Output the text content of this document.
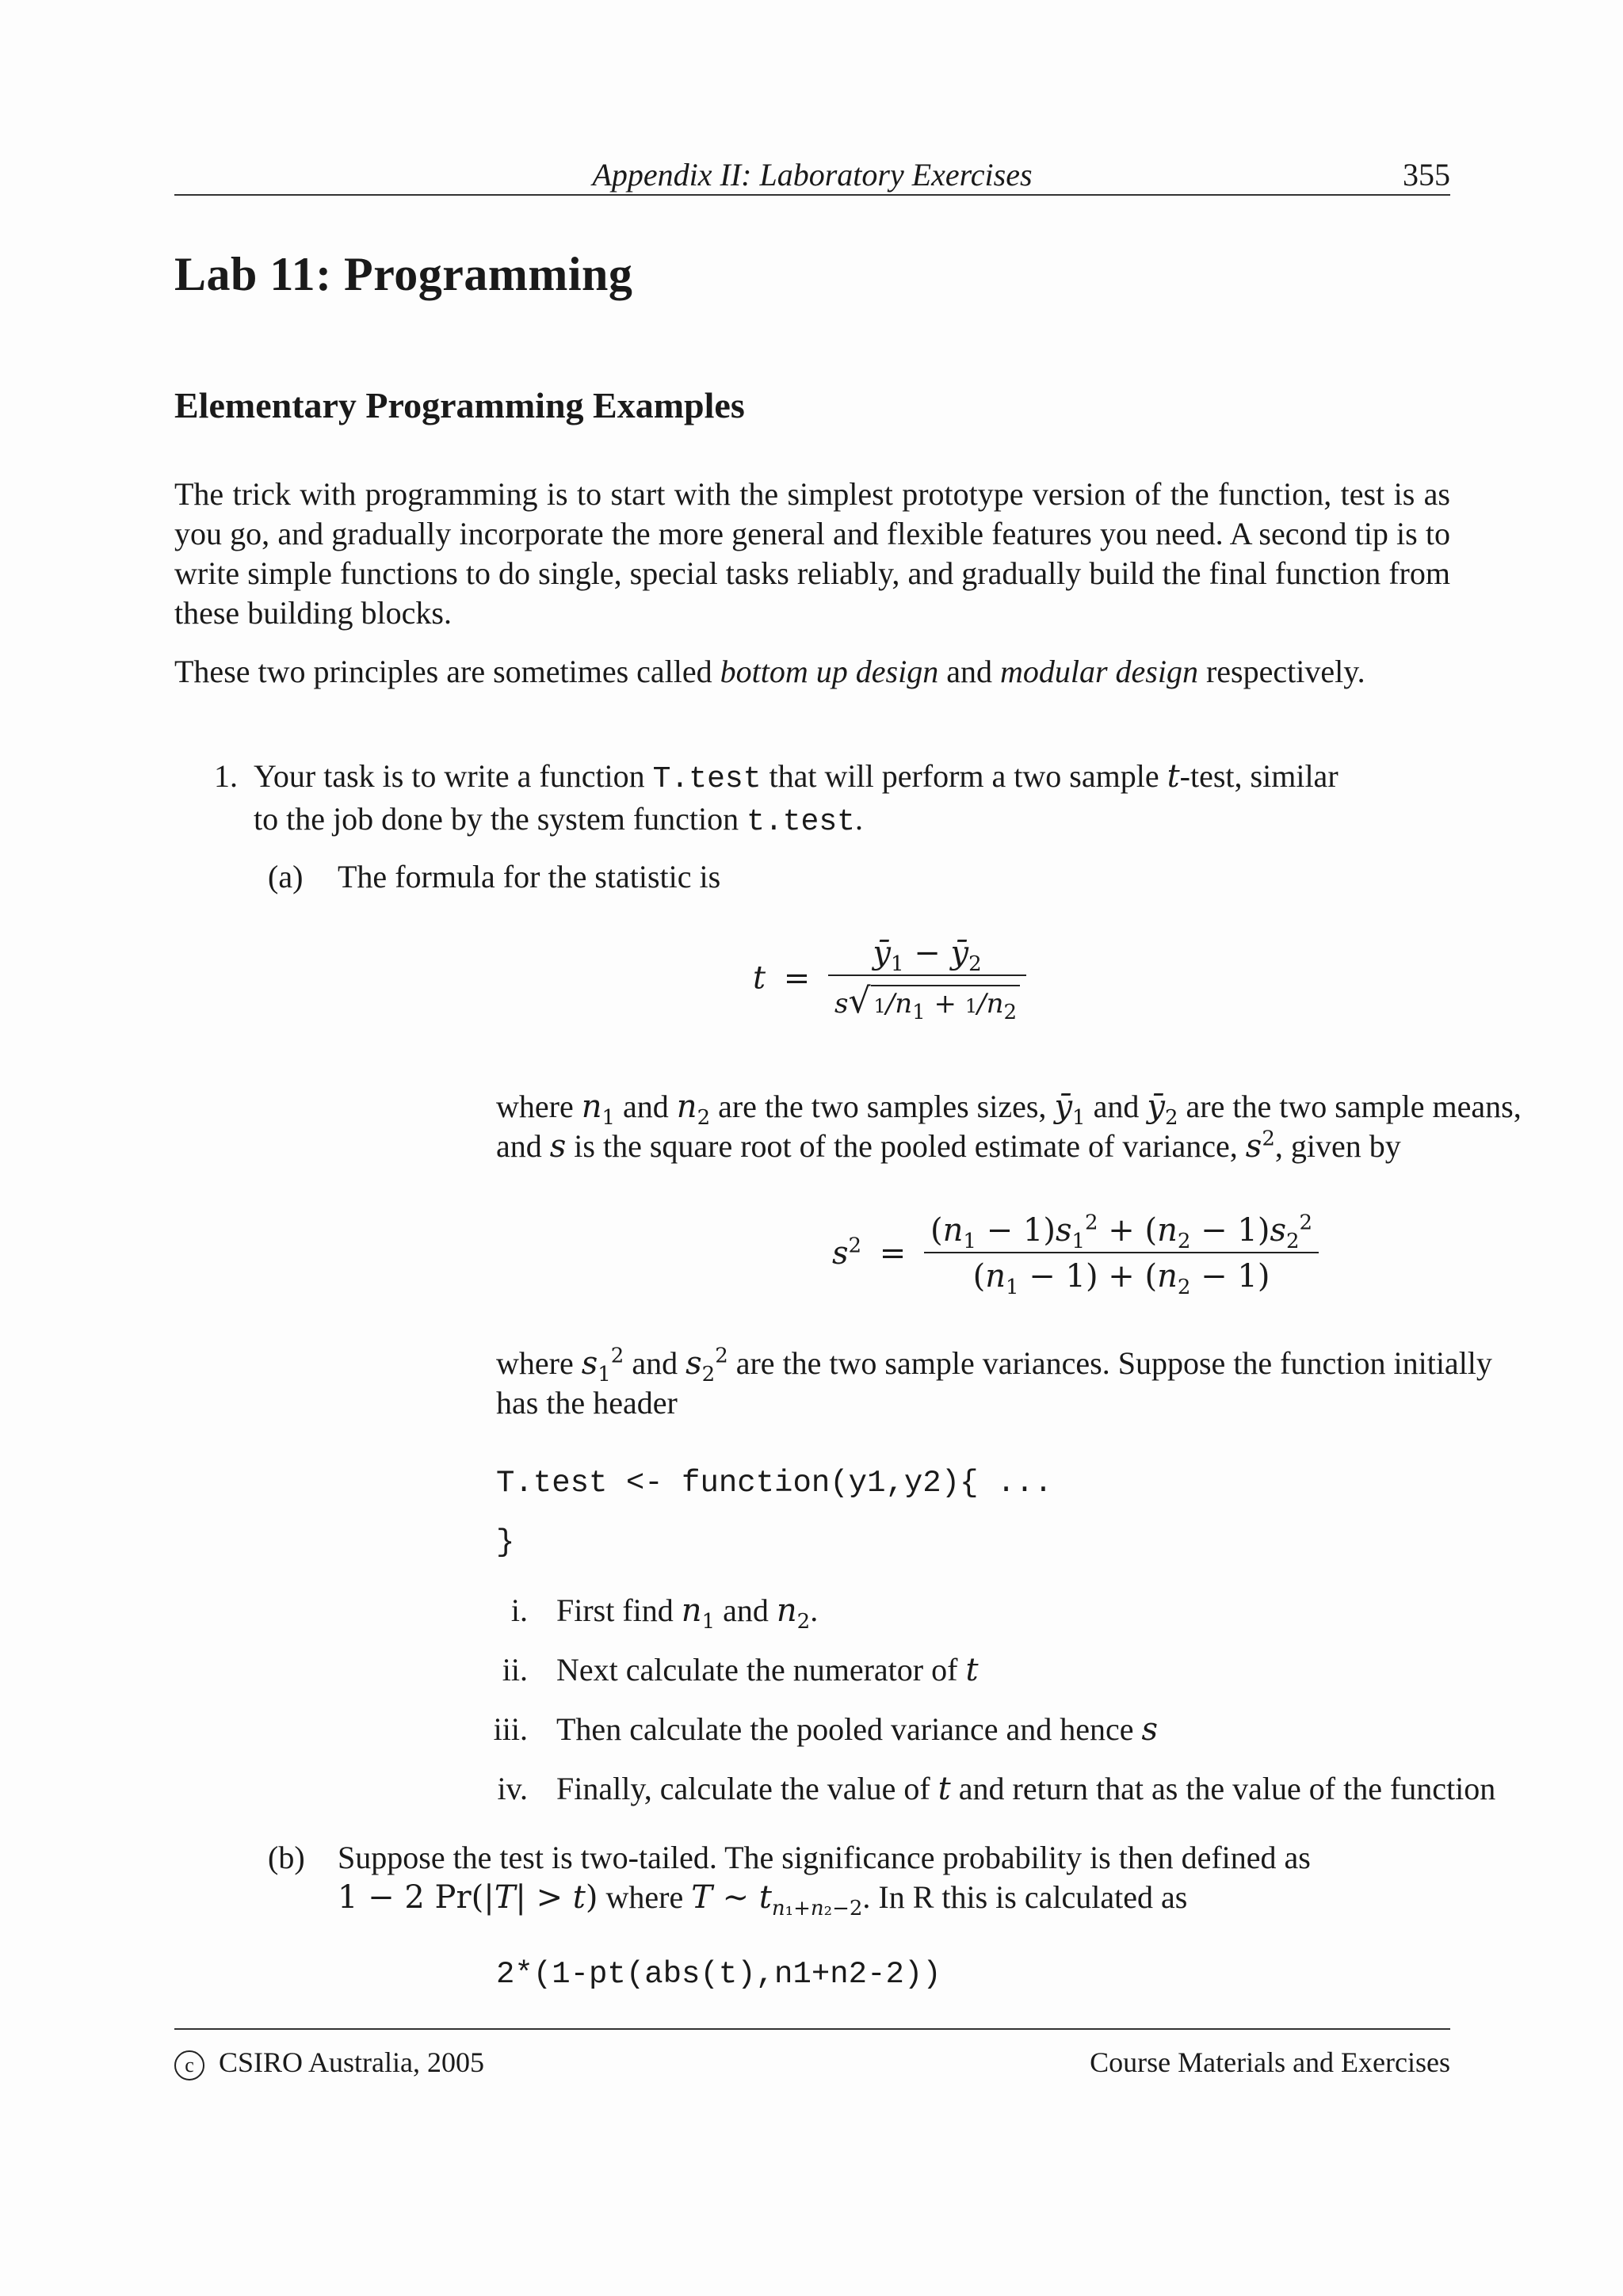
Appendix II: Laboratory Exercises	355
Lab 11: Programming
Elementary Programming Examples

The trick with programming is to start with the simplest prototype version of the function, test is as you go, and gradually incorporate the more general and flexible features you need. A second tip is to write simple functions to do single, special tasks reliably, and gradually build the final function from these building blocks.

These two principles are sometimes called bottom up design and modular design respectively.

1. Your task is to write a function T.test that will perform a two sample t-test, similar
to the job done by the system function t.test.
(a) The formula for the statistic is
$t = \frac{ȳ_1 - ȳ_2}{s√ 1/n_1 + 1/n_2}$
where $n_1$ and $n_2$ are the two samples sizes, $ȳ_1$ and $ȳ_2$ are the two sample means,
and s is the square root of the pooled estimate of variance, $s^2$, given by
$s^2 = \frac{(n_1 - 1)s_1^2 + (n_2 - 1)s_2^2}{(n_1 - 1) + (n_2 - 1)}$
where $s_1^2$ and $s_2^2$ are the two sample variances. Suppose the function initially
has the header
T.test <- function(y1,y2){ ...
}
i. First find $n_1$ and $n_2$.
ii. Next calculate the numerator of t
iii. Then calculate the pooled variance and hence s
iv. Finally, calculate the value of t and return that as the value of the function
(b) Suppose the test is two-tailed. The significance probability is then defined as
1 − 2 Pr(|T| > t) where T ∼ $t_{n_1+n_2-2}$. In R this is calculated as
2*(1-pt(abs(t),n1+n2-2))
c CSIRO Australia, 2005	Course Materials and Exercises
